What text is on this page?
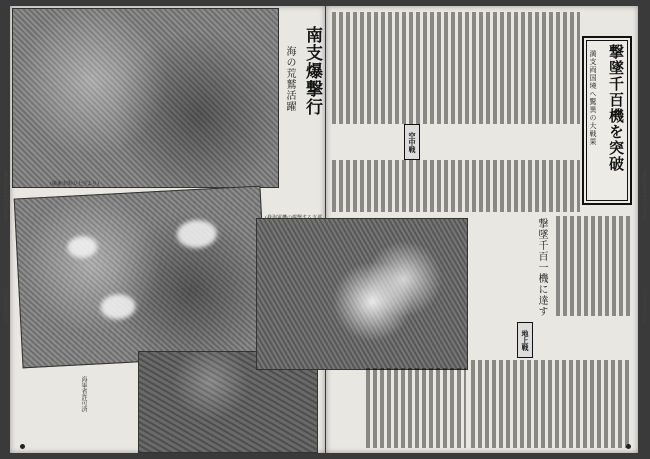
http://www.hi7.com/
(支那事変画報)
http://www.hi7.com/
(支那事変画報)
(廣東市街の上空より)
南支爆撃行
海の荒鷲活躍
海軍省許可済
空中戦	撃墜千百機を突破
満支両国境へ驚異の大戦果
撃墜千百一機に達す
地上戦
